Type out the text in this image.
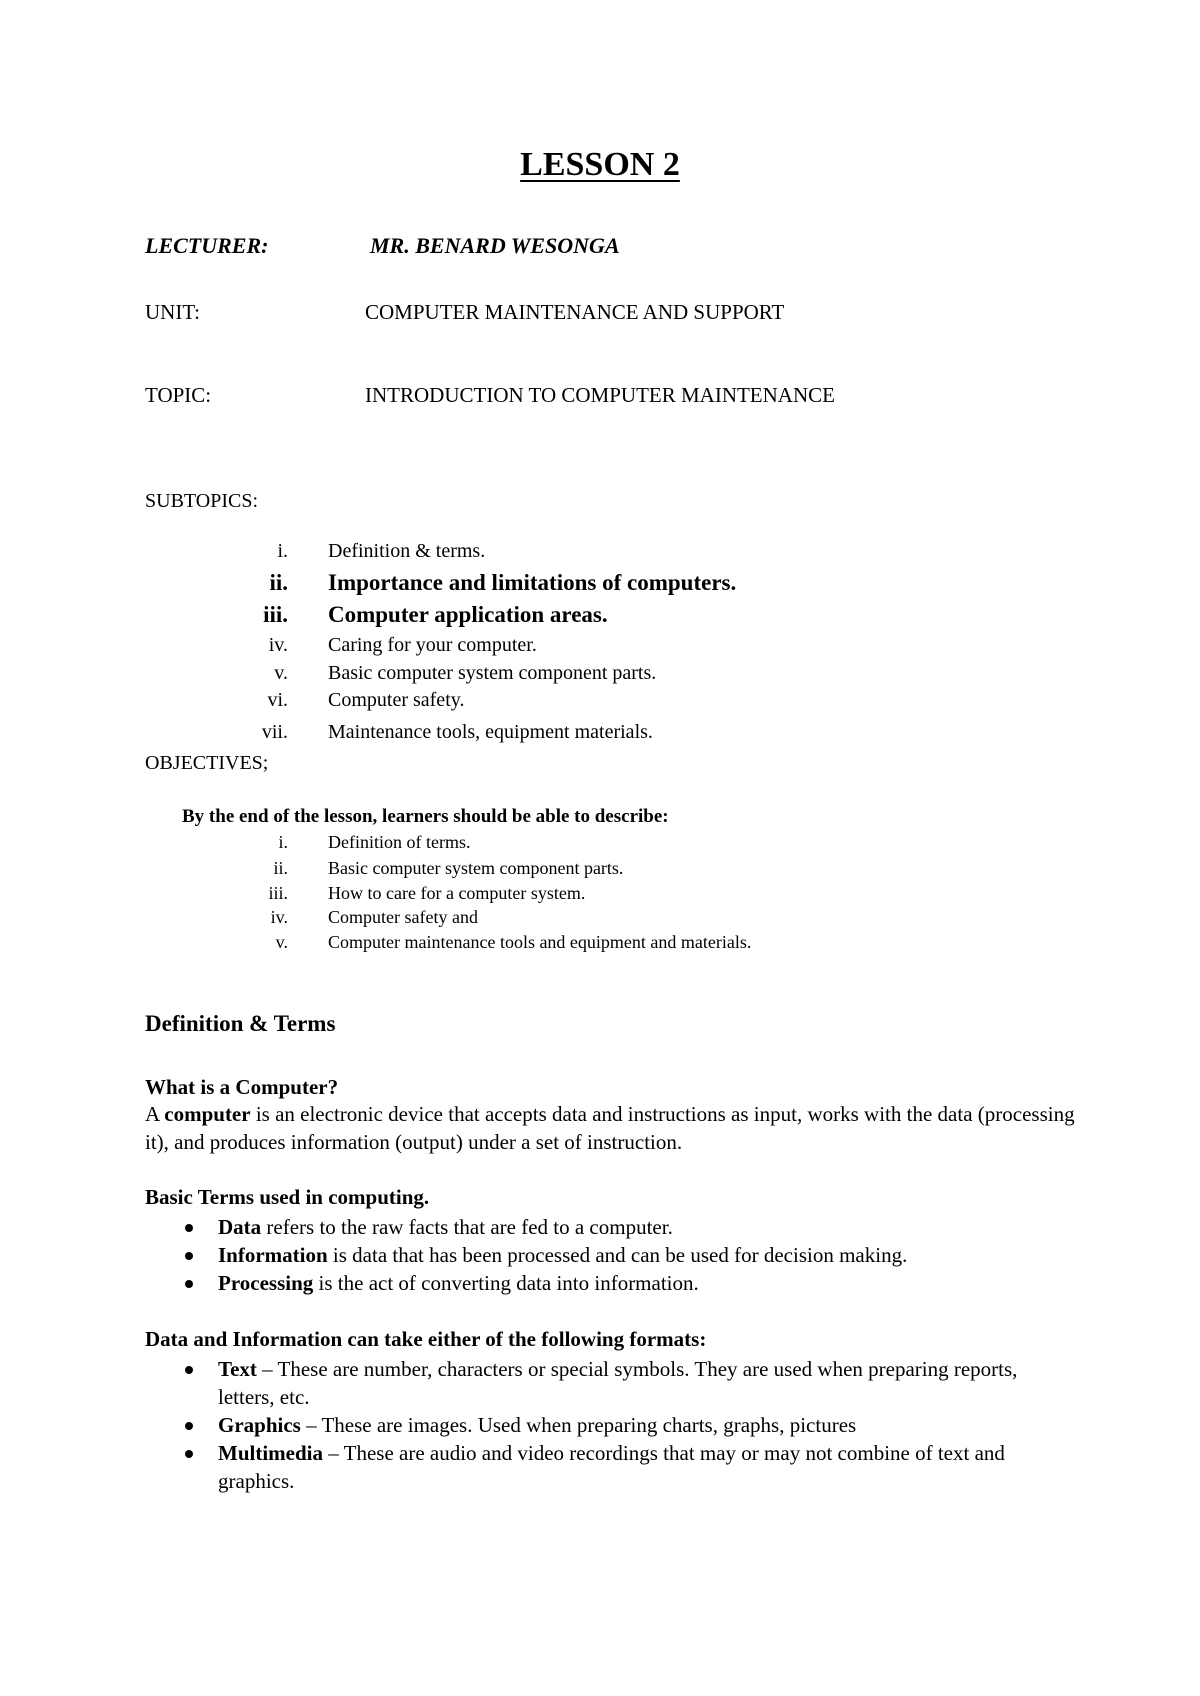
LESSON 2
LECTURER:	MR. BENARD WESONGA
UNIT:	COMPUTER MAINTENANCE AND SUPPORT
TOPIC:	INTRODUCTION TO COMPUTER MAINTENANCE
SUBTOPICS:
i. Definition & terms.
ii. Importance and limitations of computers.
iii. Computer application areas.
iv. Caring for your computer.
v. Basic computer system component parts.
vi. Computer safety.
vii. Maintenance tools, equipment materials.
OBJECTIVES;
By the end of the lesson, learners should be able to describe:
i. Definition of terms.
ii. Basic computer system component parts.
iii. How to care for a computer system.
iv. Computer safety and
v. Computer maintenance tools and equipment and materials.
Definition & Terms
What is a Computer?
A computer is an electronic device that accepts data and instructions as input, works with the data (processing it), and produces information (output) under a set of instruction.
Basic Terms used in computing.
Data refers to the raw facts that are fed to a computer.
Information is data that has been processed and can be used for decision making.
Processing is the act of converting data into information.
Data and Information can take either of the following formats:
Text – These are number, characters or special symbols. They are used when preparing reports, letters, etc.
Graphics – These are images. Used when preparing charts, graphs, pictures
Multimedia – These are audio and video recordings that may or may not combine of text and graphics.
